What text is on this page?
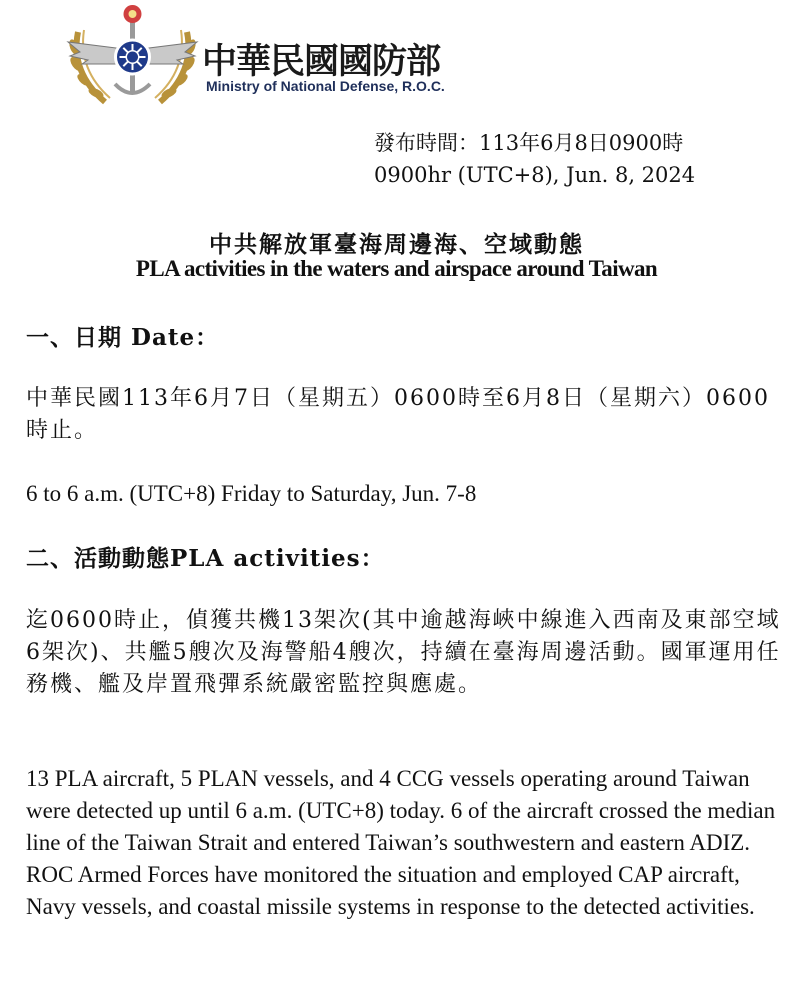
中華民國國防部
Ministry of National Defense, R.O.C.
發布時間：113年6月8日0900時
0900hr (UTC+8), Jun. 8, 2024
中共解放軍臺海周邊海、空域動態
PLA activities in the waters and airspace around Taiwan
一、日期 Date：
中華民國113年6月7日（星期五）0600時至6月8日（星期六）0600時止。
6 to 6 a.m. (UTC+8) Friday to Saturday, Jun. 7-8
二、活動動態PLA activities：
迄0600時止，偵獲共機13架次(其中逾越海峽中線進入西南及東部空域6架次)、共艦5艘次及海警船4艘次，持續在臺海周邊活動。國軍運用任務機、艦及岸置飛彈系統嚴密監控與應處。
13 PLA aircraft, 5 PLAN vessels, and 4 CCG vessels operating around Taiwan were detected up until 6 a.m. (UTC+8) today. 6 of the aircraft crossed the median line of the Taiwan Strait and entered Taiwan’s southwestern and eastern ADIZ. ROC Armed Forces have monitored the situation and employed CAP aircraft, Navy vessels, and coastal missile systems in response to the detected activities.
